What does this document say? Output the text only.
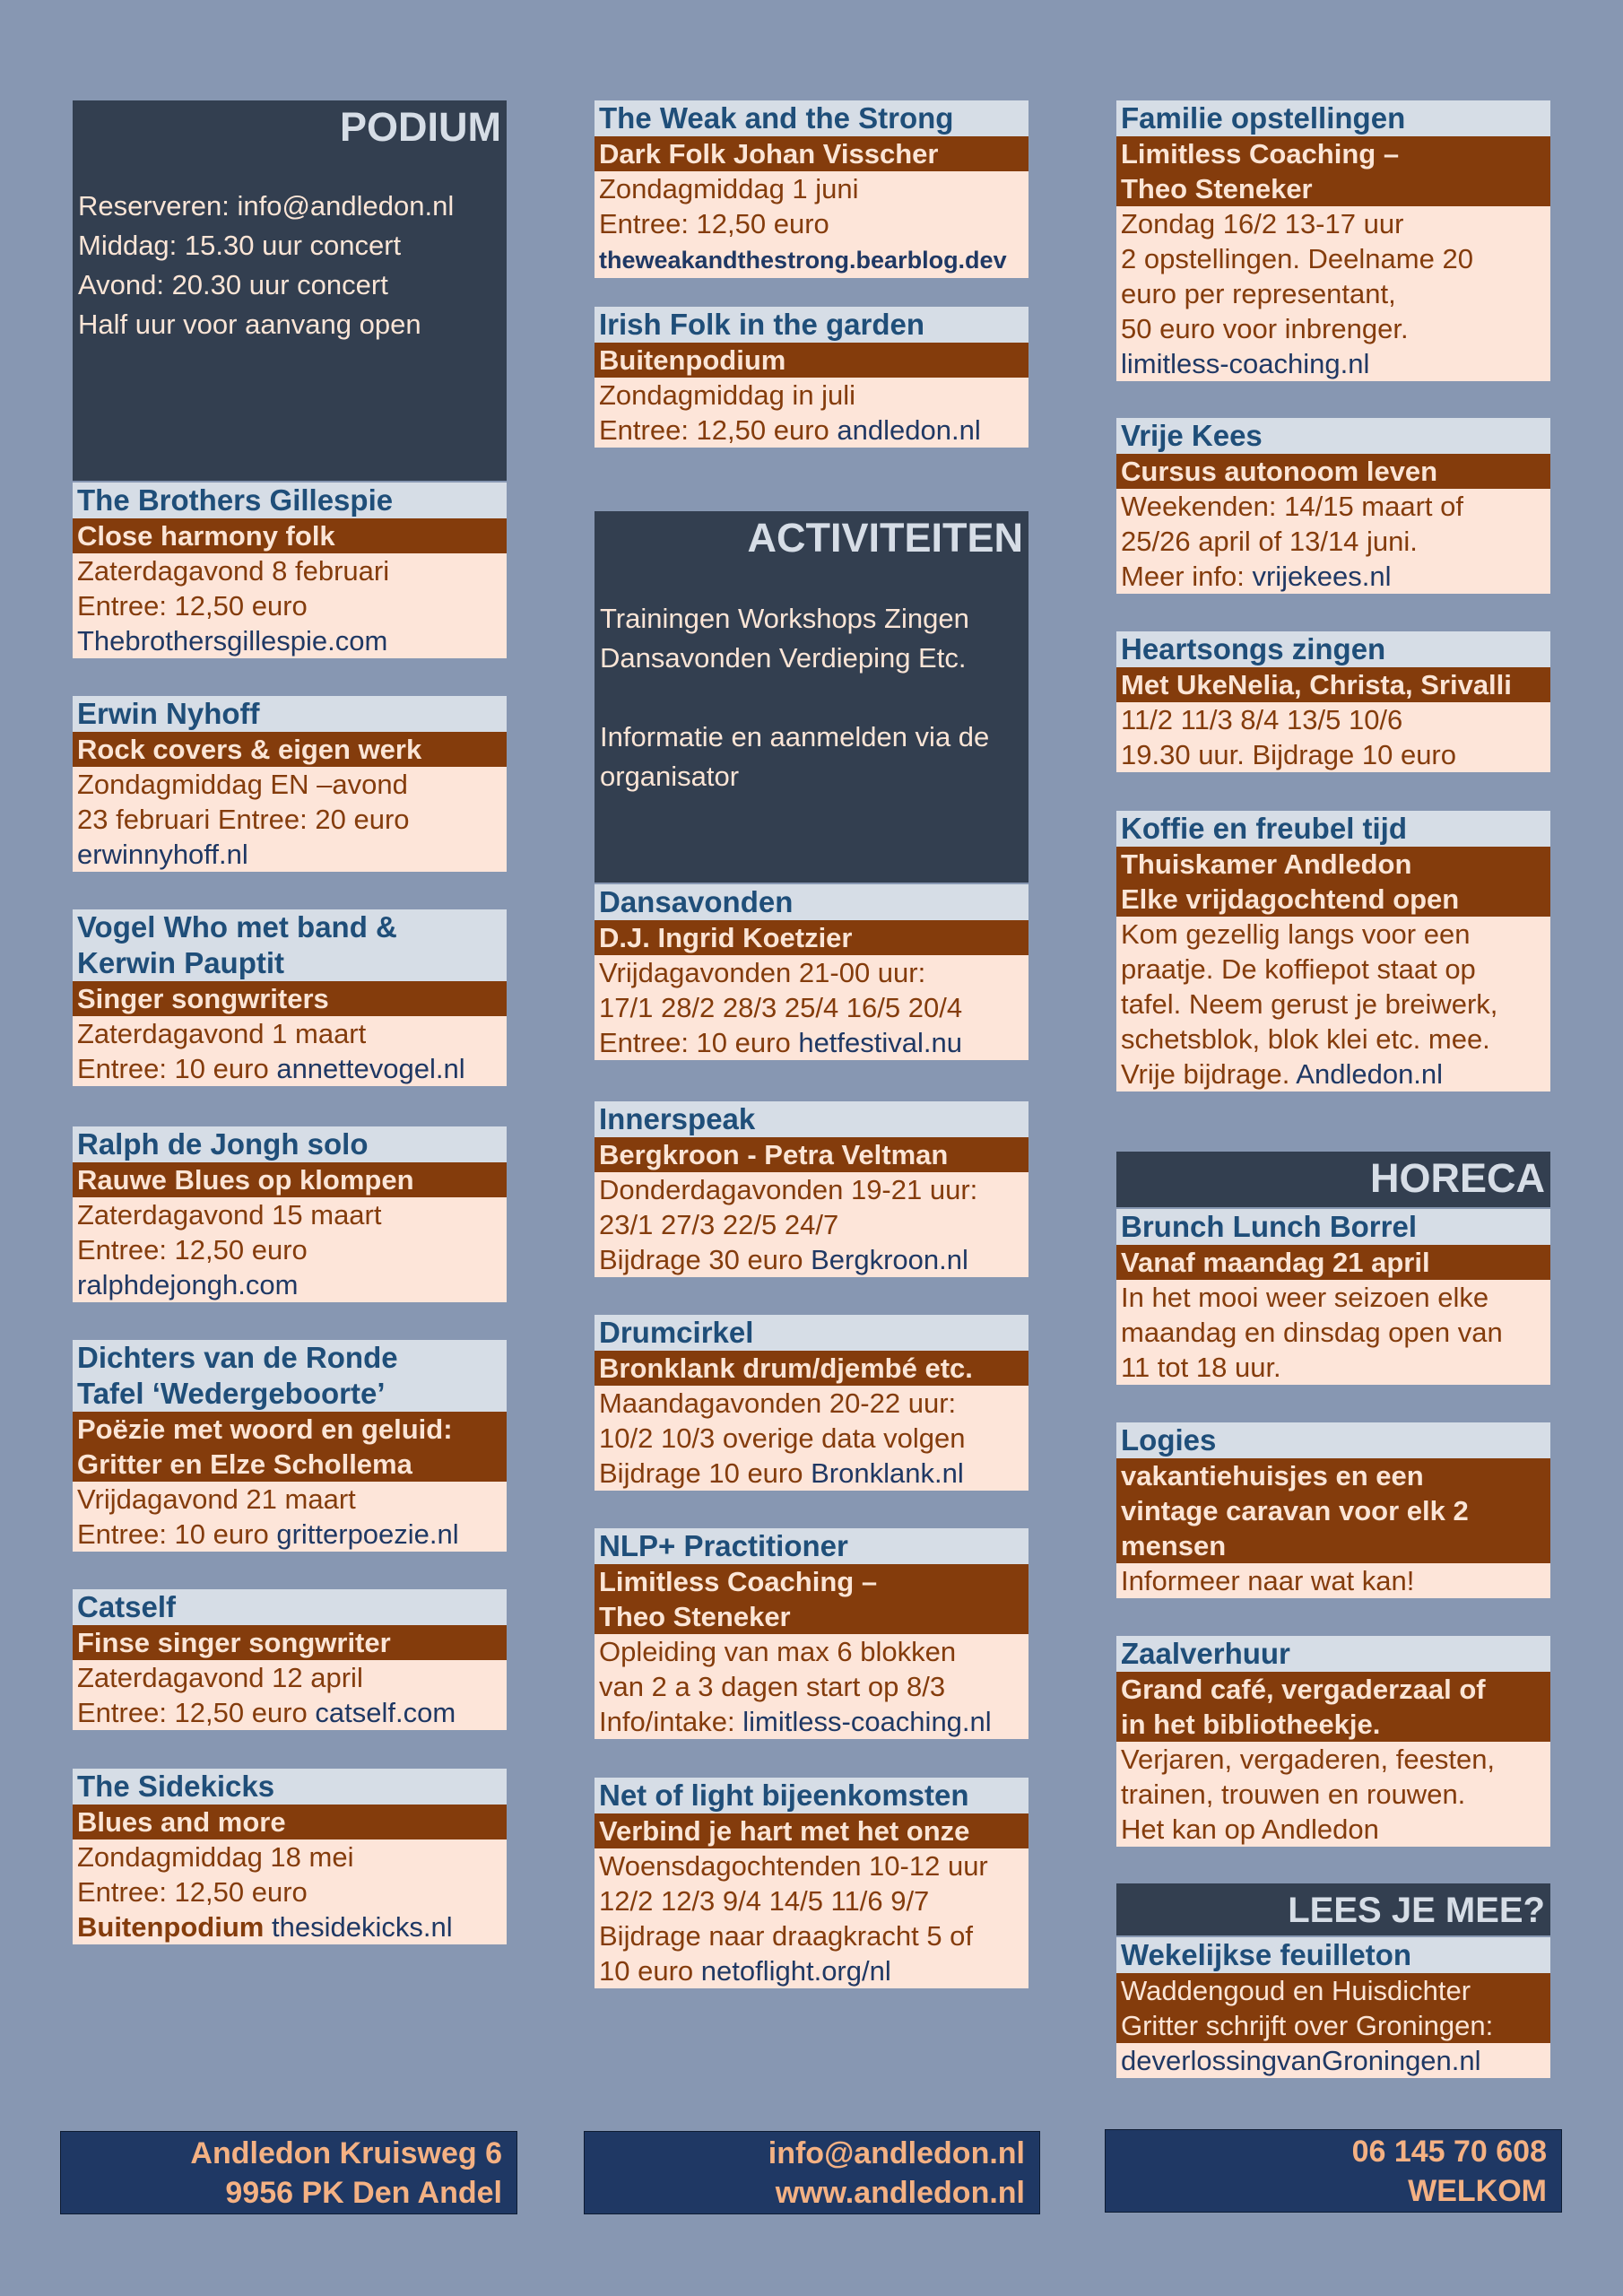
PODIUM
Reserveren: info@andledon.nl
Middag: 15.30 uur concert
Avond: 20.30 uur concert
Half uur voor aanvang open
The Brothers Gillespie
Close harmony folk
Zaterdagavond 8 februari
Entree: 12,50 euro
Thebrothersgillespie.com
Erwin Nyhoff
Rock covers & eigen werk
Zondagmiddag EN –avond
23 februari Entree: 20 euro
erwinnyhoff.nl
Vogel Who met band &
Kerwin Pauptit
Singer songwriters
Zaterdagavond 1 maart
Entree: 10 euro annettevogel.nl
Ralph de Jongh solo
Rauwe Blues op klompen
Zaterdagavond 15 maart
Entree: 12,50 euro
ralphdejongh.com
Dichters van de Ronde
Tafel ‘Wedergeboorte’
Poëzie met woord en geluid:
Gritter en Elze Schollema
Vrijdagavond 21 maart
Entree: 10 euro gritterpoezie.nl
Catself
Finse singer songwriter
Zaterdagavond 12 april
Entree: 12,50 euro catself.com
The Sidekicks
Blues and more
Zondagmiddag 18 mei
Entree: 12,50 euro
Buitenpodium thesidekicks.nl
The Weak and the Strong
Dark Folk Johan Visscher
Zondagmiddag 1 juni
Entree: 12,50 euro
theweakandthestrong.bearblog.dev
Irish Folk in the garden
Buitenpodium
Zondagmiddag in juli
Entree: 12,50 euro andledon.nl
ACTIVITEITEN
Trainingen Workshops Zingen
Dansavonden Verdieping Etc.
Informatie en aanmelden via de
organisator
Dansavonden
D.J. Ingrid Koetzier
Vrijdagavonden 21-00 uur:
17/1 28/2 28/3 25/4 16/5 20/4
Entree: 10 euro hetfestival.nu
Innerspeak
Bergkroon - Petra Veltman
Donderdagavonden 19-21 uur:
23/1 27/3 22/5 24/7
Bijdrage 30 euro Bergkroon.nl
Drumcirkel
Bronklank drum/djembé etc.
Maandagavonden 20-22 uur:
10/2 10/3 overige data volgen
Bijdrage 10 euro Bronklank.nl
NLP+ Practitioner
Limitless Coaching –
Theo Steneker
Opleiding van max 6 blokken
van 2 a 3 dagen start op 8/3
Info/intake: limitless-coaching.nl
Net of light bijeenkomsten
Verbind je hart met het onze
Woensdagochtenden 10-12 uur
12/2 12/3 9/4 14/5 11/6 9/7
Bijdrage naar draagkracht 5 of
10 euro netoflight.org/nl
Familie opstellingen
Limitless Coaching –
Theo Steneker
Zondag 16/2 13-17 uur
2 opstellingen. Deelname 20
euro per representant,
50 euro voor inbrenger.
limitless-coaching.nl
Vrije Kees
Cursus autonoom leven
Weekenden: 14/15 maart of
25/26 april of 13/14 juni.
Meer info: vrijekees.nl
Heartsongs zingen
Met UkeNelia, Christa, Srivalli
11/2 11/3 8/4 13/5 10/6
19.30 uur. Bijdrage 10 euro
Koffie en freubel tijd
Thuiskamer Andledon
Elke vrijdagochtend open
Kom gezellig langs voor een
praatje. De koffiepot staat op
tafel. Neem gerust je breiwerk,
schetsblok, blok klei etc. mee.
Vrije bijdrage. Andledon.nl
HORECA
Brunch Lunch Borrel
Vanaf maandag 21 april
In het mooi weer seizoen elke
maandag en dinsdag open van
11 tot 18 uur.
Logies
vakantiehuisjes en een
vintage caravan voor elk 2
mensen
Informeer naar wat kan!
Zaalverhuur
Grand café, vergaderzaal of
in het bibliotheekje.
Verjaren, vergaderen, feesten,
trainen, trouwen en rouwen.
Het kan op Andledon
LEES JE MEE?
Wekelijkse feuilleton
Waddengoud en Huisdichter
Gritter schrijft over Groningen:
deverlossingvanGroningen.nl
Andledon Kruisweg 6
9956 PK Den Andel
info@andledon.nl
www.andledon.nl
06 145 70 608
WELKOM
